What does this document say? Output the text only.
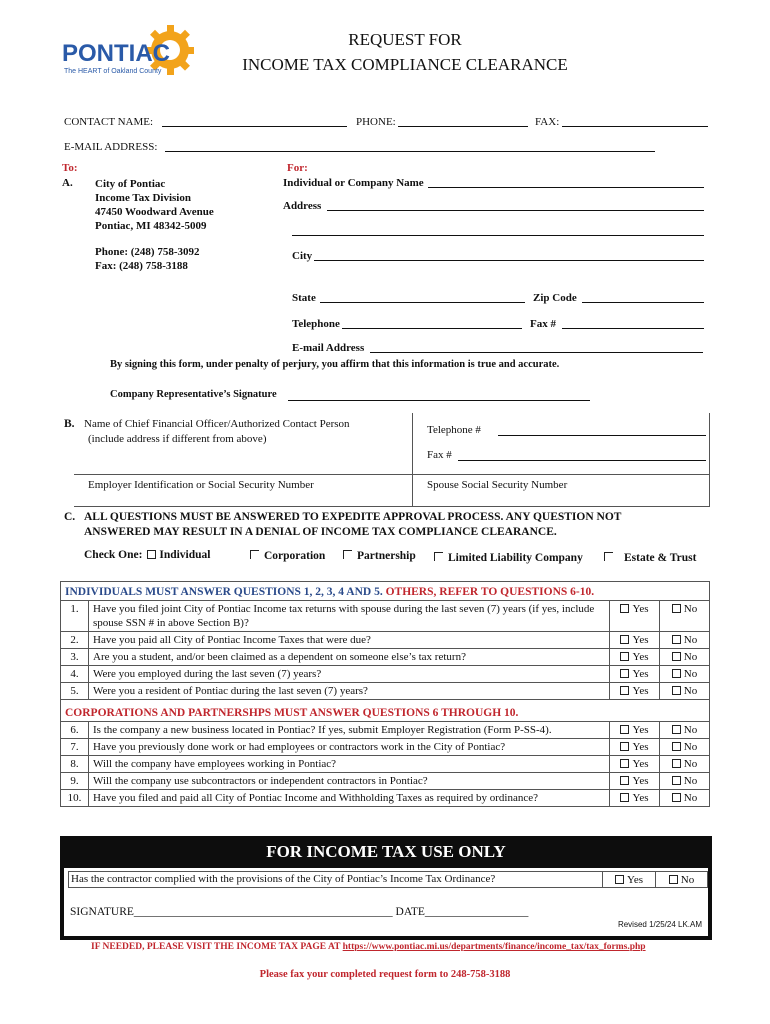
PONTIAC
The HEART of Oakland County
REQUEST FOR
INCOME TAX COMPLIANCE CLEARANCE
CONTACT NAME:	PHONE:	FAX:
E-MAIL ADDRESS:
To:
A. City of Pontiac
Income Tax Division
47450 Woodward Avenue
Pontiac, MI 48342-5009
Phone: (248) 758-3092
Fax: (248) 758-3188
For:
Individual or Company Name
Address
City
State	Zip Code
Telephone	Fax #
E-mail Address
By signing this form, under penalty of perjury, you affirm that this information is true and accurate.
Company Representative’s Signature
B. Name of Chief Financial Officer/Authorized Contact Person
(include address if different from above)
Telephone #
Fax #
Employer Identification or Social Security Number	Spouse Social Security Number
C. ALL QUESTIONS MUST BE ANSWERED TO EXPEDITE APPROVAL PROCESS. ANY QUESTION NOT
ANSWERED MAY RESULT IN A DENIAL OF INCOME TAX COMPLIANCE CLEARANCE.
Check One: Individual	Corporation	Partnership	Limited Liability Company	Estate & Trust
INDIVIDUALS MUST ANSWER QUESTIONS 1, 2, 3, 4 AND 5. OTHERS, REFER TO QUESTIONS 6-10.			
1.	Have you filed joint City of Pontiac Income tax returns with spouse during the last seven (7) years (if yes, include spouse SSN # in above Section B)?	Yes	No
2.	Have you paid all City of Pontiac Income Taxes that were due?	Yes	No
3.	Are you a student, and/or been claimed as a dependent on someone else’s tax return?	Yes	No
4.	Were you employed during the last seven (7) years?	Yes	No
5.	Were you a resident of Pontiac during the last seven (7) years?	Yes	No
CORPORATIONS AND PARTNERSHPS MUST ANSWER QUESTIONS 6 THROUGH 10.			
6.	Is the company a new business located in Pontiac? If yes, submit Employer Registration (Form P-SS-4).	Yes	No
7.	Have you previously done work or had employees or contractors work in the City of Pontiac?	Yes	No
8.	Will the company have employees working in Pontiac?	Yes	No
9.	Will the company use subcontractors or independent contractors in Pontiac?	Yes	No
10.	Have you filed and paid all City of Pontiac Income and Withholding Taxes as required by ordinance?	Yes	No
FOR INCOME TAX USE ONLY
Has the contractor complied with the provisions of the City of Pontiac’s Income Tax Ordinance?	Yes	No
SIGNATURE_____________________________________________ DATE__________________
Revised 1/25/24 LK.AM
IF NEEDED, PLEASE VISIT THE INCOME TAX PAGE AT https://www.pontiac.mi.us/departments/finance/income_tax/tax_forms.php
Please fax your completed request form to 248-758-3188
